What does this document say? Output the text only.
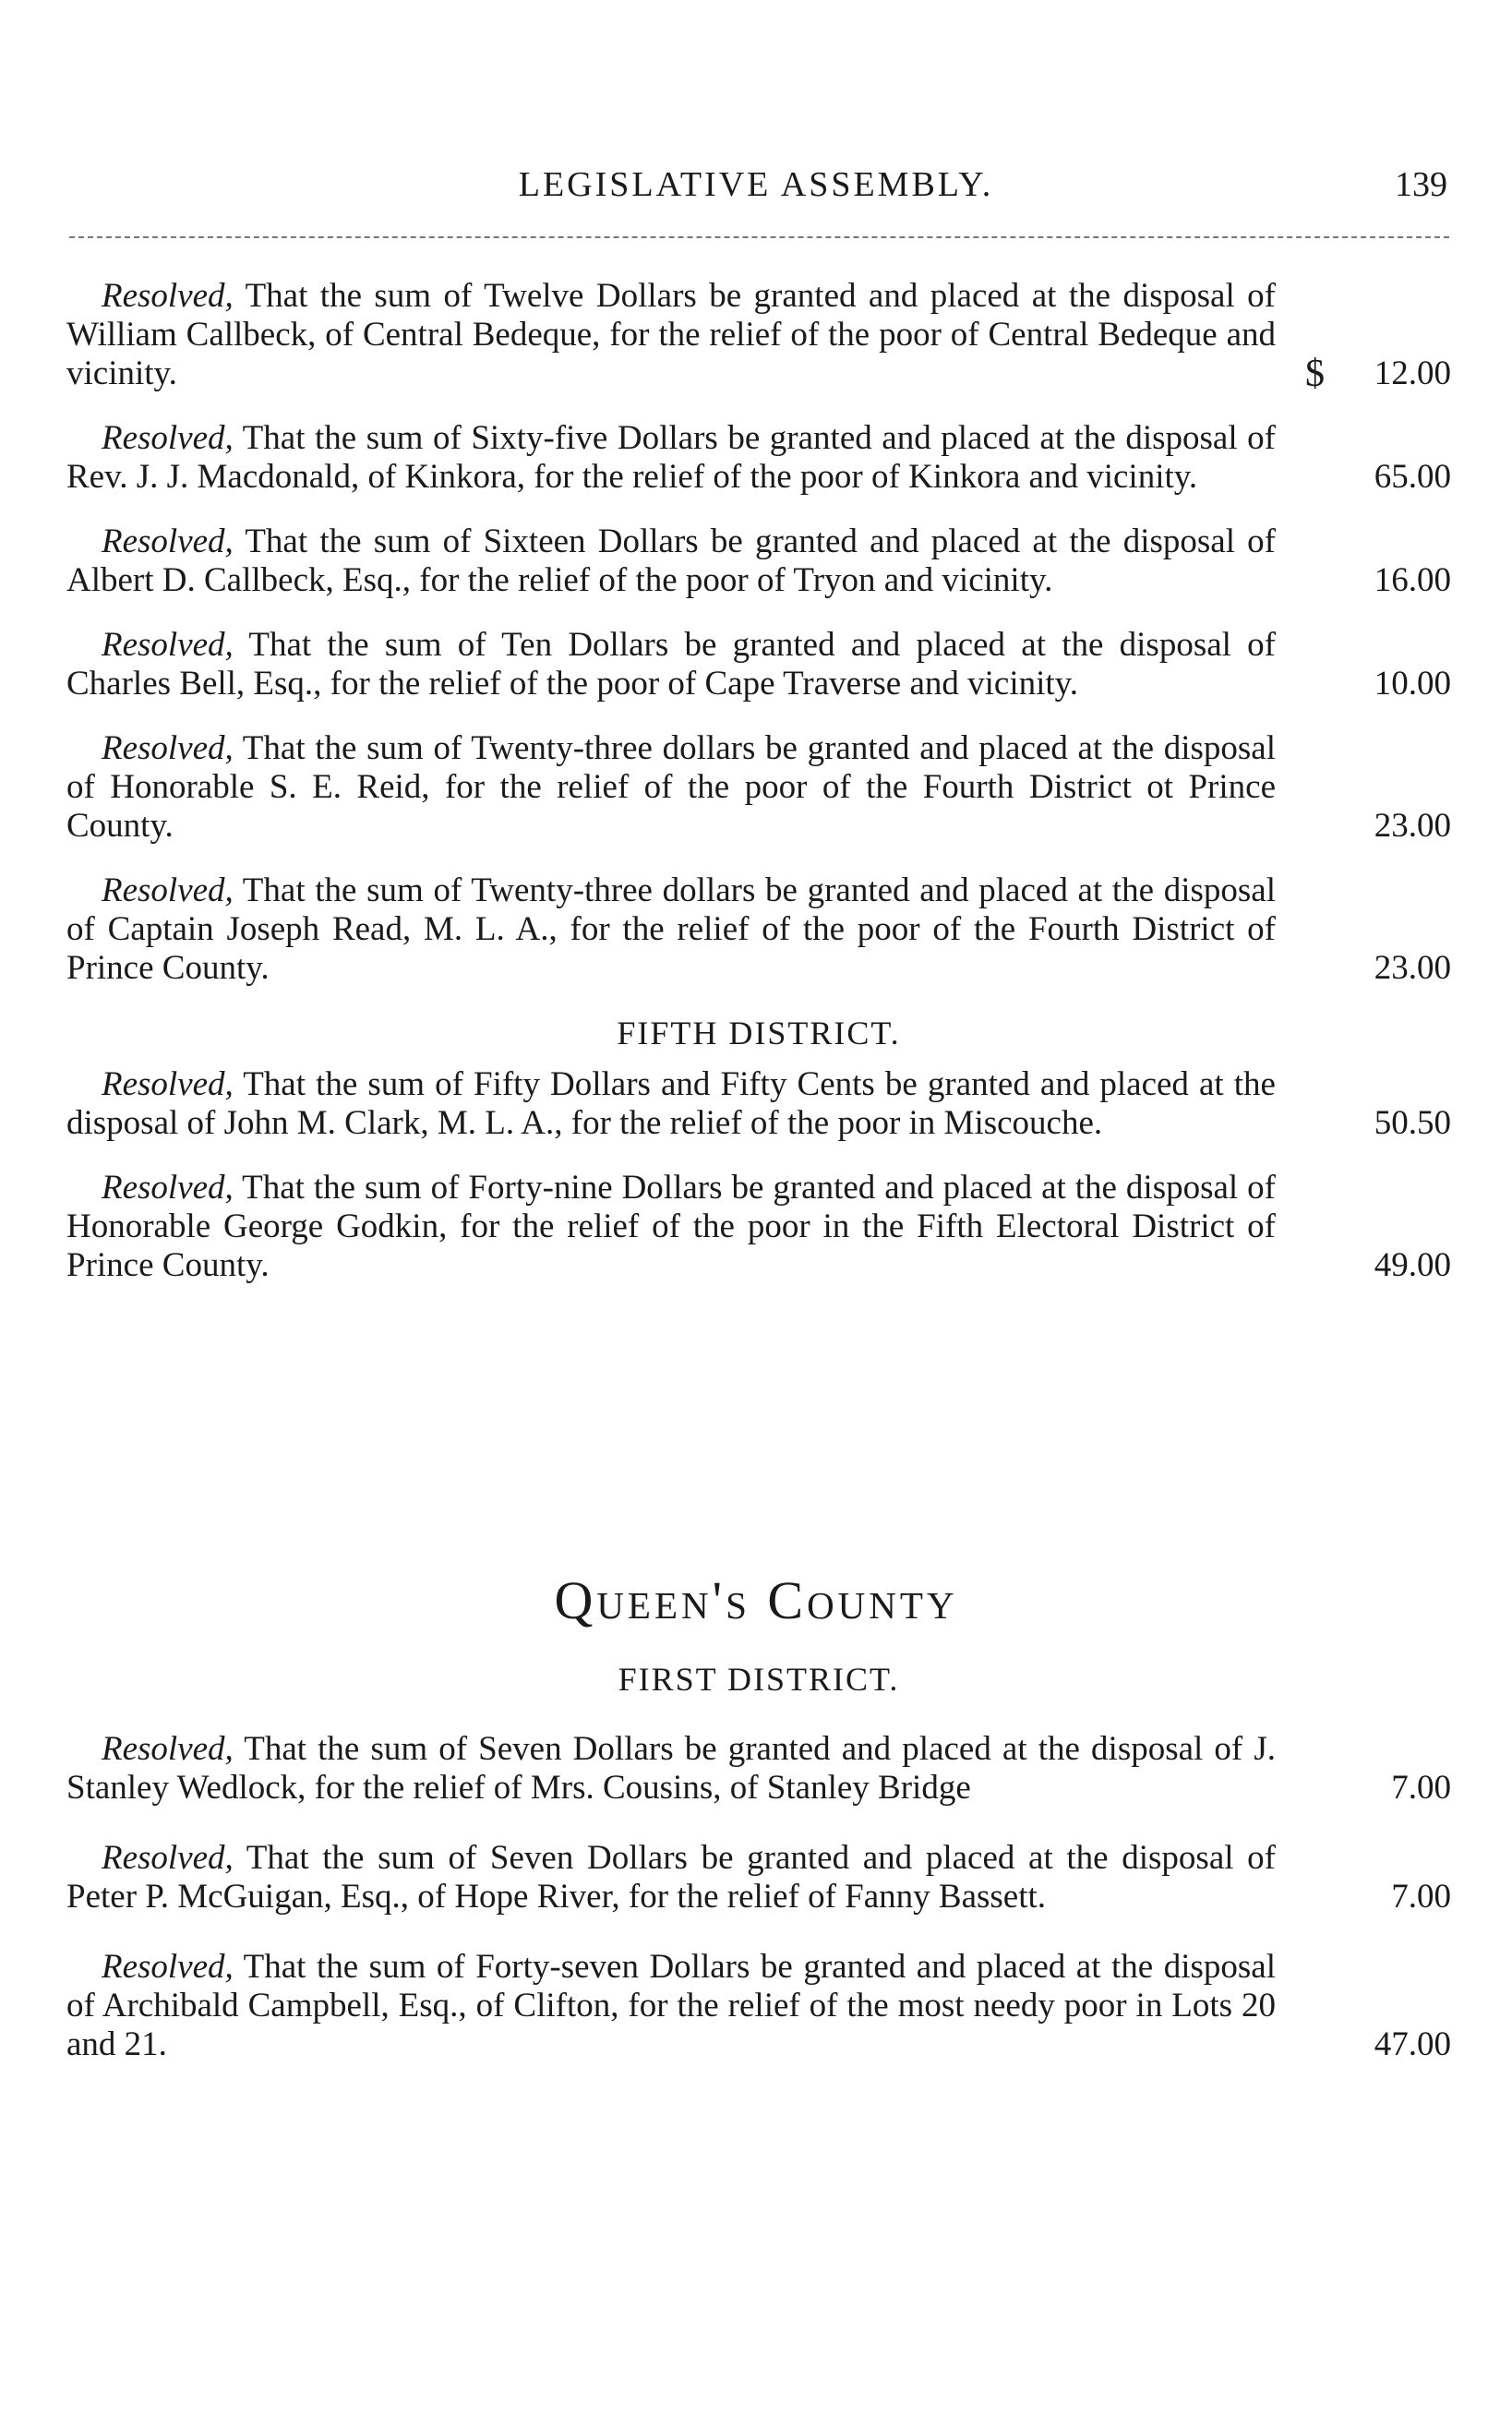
LEGISLATIVE ASSEMBLY.	139
Resolved, That the sum of Twelve Dollars be granted and placed at the disposal of William Callbeck, of Central Bedeque, for the relief of the poor of Central Bedeque and vicinity.	$ 12.00
Resolved, That the sum of Sixty-five Dollars be granted and placed at the disposal of Rev. J. J. Macdonald, of Kinkora, for the relief of the poor of Kinkora and vicinity.	65.00
Resolved, That the sum of Sixteen Dollars be granted and placed at the disposal of Albert D. Callbeck, Esq., for the relief of the poor of Tryon and vicinity.	16.00
Resolved, That the sum of Ten Dollars be granted and placed at the disposal of Charles Bell, Esq., for the relief of the poor of Cape Traverse and vicinity.	10.00
Resolved, That the sum of Twenty-three dollars be granted and placed at the disposal of Honorable S. E. Reid, for the relief of the poor of the Fourth District ot Prince County.	23.00
Resolved, That the sum of Twenty-three dollars be granted and placed at the disposal of Captain Joseph Read, M. L. A., for the relief of the poor of the Fourth District of Prince County.	23.00
FIFTH DISTRICT.
Resolved, That the sum of Fifty Dollars and Fifty Cents be granted and placed at the disposal of John M. Clark, M. L. A., for the relief of the poor in Miscouche.	50.50
Resolved, That the sum of Forty-nine Dollars be granted and placed at the disposal of Honorable George Godkin, for the relief of the poor in the Fifth Electoral District of Prince County.	49.00
Queen's County
FIRST DISTRICT.
Resolved, That the sum of Seven Dollars be granted and placed at the disposal of J. Stanley Wedlock, for the relief of Mrs. Cousins, of Stanley Bridge	7.00
Resolved, That the sum of Seven Dollars be granted and placed at the disposal of Peter P. McGuigan, Esq., of Hope River, for the relief of Fanny Bassett.	7.00
Resolved, That the sum of Forty-seven Dollars be granted and placed at the disposal of Archibald Campbell, Esq., of Clifton, for the relief of the most needy poor in Lots 20 and 21.	47.00
